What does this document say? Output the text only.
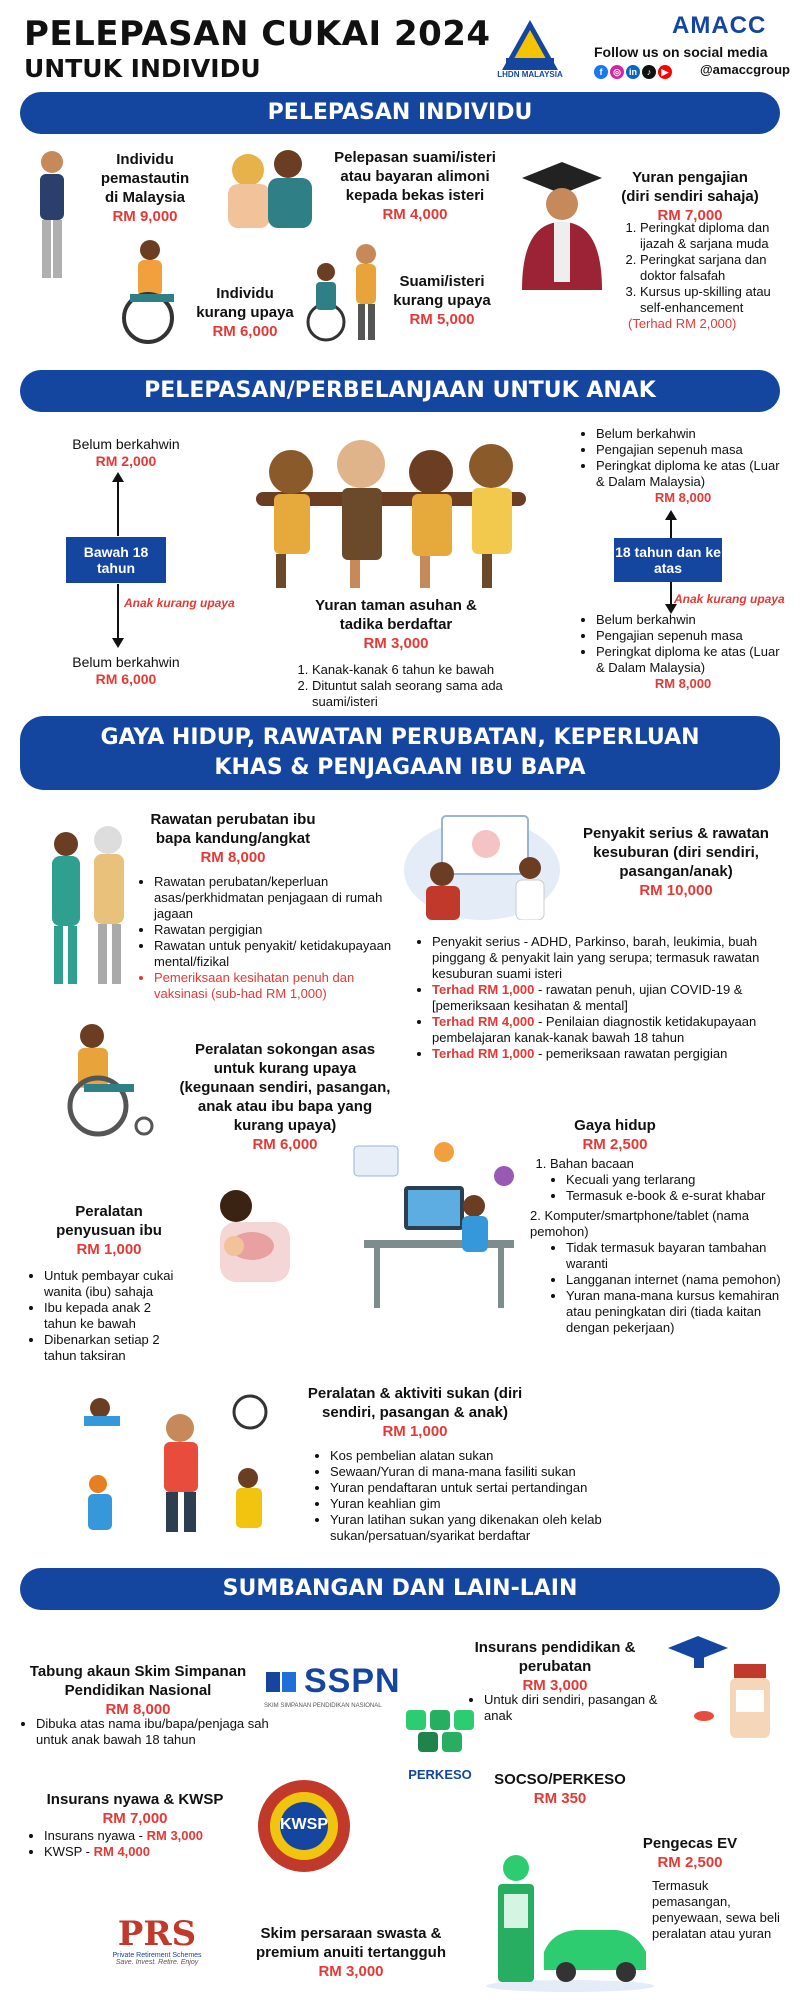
PELEPASAN CUKAI 2024
UNTUK INDIVIDU	LHDN MALAYSIA
AMACC
Follow us on social media
f ◎ in ♪ ▶	@amaccgroup
PELEPASAN INDIVIDU
Individu
pemastautin
di Malaysia
RM 9,000
Pelepasan suami/isteri
atau bayaran alimoni
kepada bekas isteri
RM 4,000
Yuran pengajian
(diri sendiri sahaja)
RM 7,000
1. Peringkat diploma dan ijazah & sarjana muda
2. Peringkat sarjana dan doktor falsafah
3. Kursus up-skilling atau self-enhancement
(Terhad RM 2,000)
Individu
kurang upaya
RM 6,000
Suami/isteri
kurang upaya
RM 5,000
PELEPASAN/PERBELANJAAN UNTUK ANAK
Belum berkahwin
RM 2,000
Bawah 18 tahun
Anak kurang upaya
Belum berkahwin
RM 6,000
Yuran taman asuhan &
tadika berdaftar
RM 3,000
1. Kanak-kanak 6 tahun ke bawah
2. Dituntut salah seorang sama ada suami/isteri
• Belum berkahwin
• Pengajian sepenuh masa
• Peringkat diploma ke atas (Luar & Dalam Malaysia)
RM 8,000
18 tahun dan ke atas
Anak kurang upaya
• Belum berkahwin
• Pengajian sepenuh masa
• Peringkat diploma ke atas (Luar & Dalam Malaysia)
RM 8,000
GAYA HIDUP, RAWATAN PERUBATAN, KEPERLUAN
KHAS & PENJAGAAN IBU BAPA
Rawatan perubatan ibu
bapa kandung/angkat
RM 8,000
• Rawatan perubatan/keperluan asas/perkhidmatan penjagaan di rumah jagaan
• Rawatan pergigian
• Rawatan untuk penyakit/ ketidakupayaan mental/fizikal
• Pemeriksaan kesihatan penuh dan vaksinasi (sub-had RM 1,000)
Penyakit serius & rawatan
kesuburan (diri sendiri,
pasangan/anak)
RM 10,000
• Penyakit serius - ADHD, Parkinso, barah, leukimia, buah pinggang & penyakit lain yang serupa; termasuk rawatan kesuburan suami isteri
• Terhad RM 1,000 - rawatan penuh, ujian COVID-19 & [pemeriksaan kesihatan & mental]
• Terhad RM 4,000 - Penilaian diagnostik ketidakupayaan pembelajaran kanak-kanak bawah 18 tahun
• Terhad RM 1,000 - pemeriksaan rawatan pergigian
Peralatan sokongan asas
untuk kurang upaya
(kegunaan sendiri, pasangan,
anak atau ibu bapa yang
kurang upaya)
RM 6,000
Gaya hidup
RM 2,500
1. Bahan bacaan
• Kecuali yang terlarang
• Termasuk e-book & e-surat khabar
2. Komputer/smartphone/tablet (nama pemohon)
• Tidak termasuk bayaran tambahan waranti
• Langganan internet (nama pemohon)
• Yuran mana-mana kursus kemahiran atau peningkatan diri (tiada kaitan dengan pekerjaan)
Peralatan
penyusuan ibu
RM 1,000
• Untuk pembayar cukai wanita (ibu) sahaja
• Ibu kepada anak 2 tahun ke bawah
• Dibenarkan setiap 2 tahun taksiran
Peralatan & aktiviti sukan (diri
sendiri, pasangan & anak)
RM 1,000
• Kos pembelian alatan sukan
• Sewaan/Yuran di mana-mana fasiliti sukan
• Yuran pendaftaran untuk sertai pertandingan
• Yuran keahlian gim
• Yuran latihan sukan yang dikenakan oleh kelab sukan/persatuan/syarikat berdaftar
SUMBANGAN DAN LAIN-LAIN
Tabung akaun Skim Simpanan
Pendidikan Nasional
RM 8,000
• Dibuka atas nama ibu/bapa/penjaga sah untuk anak bawah 18 tahun
SSPN
SKIM SIMPANAN PENDIDIKAN NASIONAL
Insurans pendidikan &
perubatan
RM 3,000
• Untuk diri sendiri, pasangan & anak
PERKESO	SOCSO/PERKESO
RM 350
Insurans nyawa & KWSP
RM 7,000
• Insurans nyawa - RM 3,000
• KWSP - RM 4,000
KWSP
Pengecas EV
RM 2,500
Termasuk pemasangan, penyewaan, sewa beli peralatan atau yuran
PRS
Private Retirement Schemes
Save. Invest. Retire. Enjoy
Skim persaraan swasta &
premium anuiti tertangguh
RM 3,000
